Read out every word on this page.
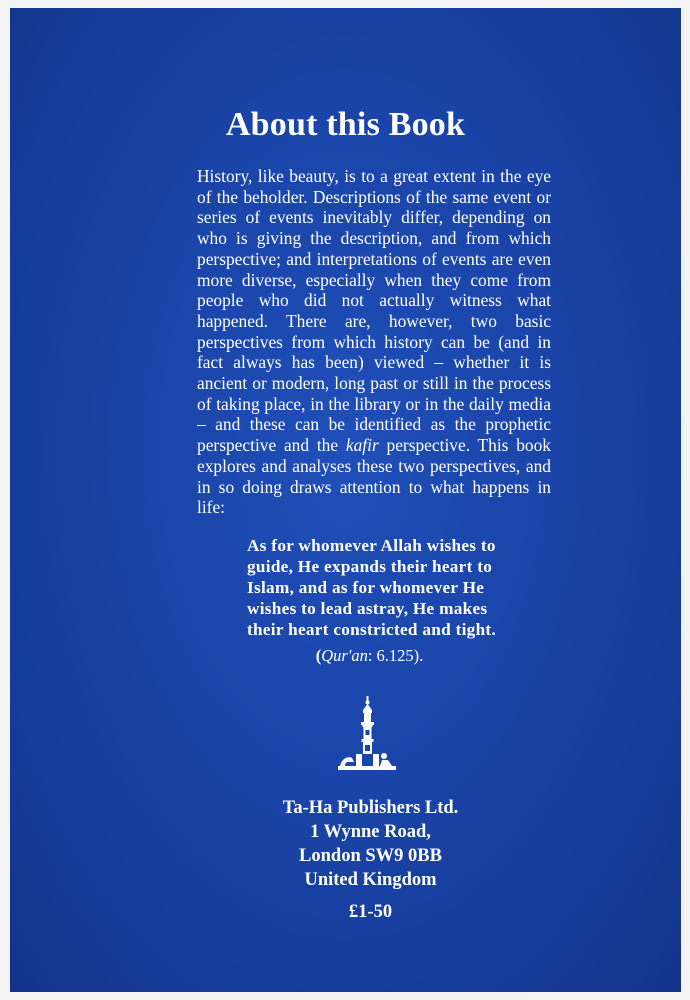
About this Book
History, like beauty, is to a great extent in the eye of the beholder. Descriptions of the same event or series of events inevitably differ, depending on who is giving the description, and from which perspective; and interpretations of events are even more diverse, especially when they come from people who did not actually witness what happened. There are, however, two basic perspectives from which history can be (and in fact always has been) viewed – whether it is ancient or modern, long past or still in the process of taking place, in the library or in the daily media – and these can be identified as the prophetic perspective and the kafir perspective. This book explores and analyses these two perspectives, and in so doing draws attention to what happens in life:
As for whomever Allah wishes to guide, He expands their heart to Islam, and as for whomever He wishes to lead astray, He makes their heart constricted and tight.
(Qur'an: 6.125).
Ta-Ha Publishers Ltd.
1 Wynne Road,
London SW9 0BB
United Kingdom
£1-50
